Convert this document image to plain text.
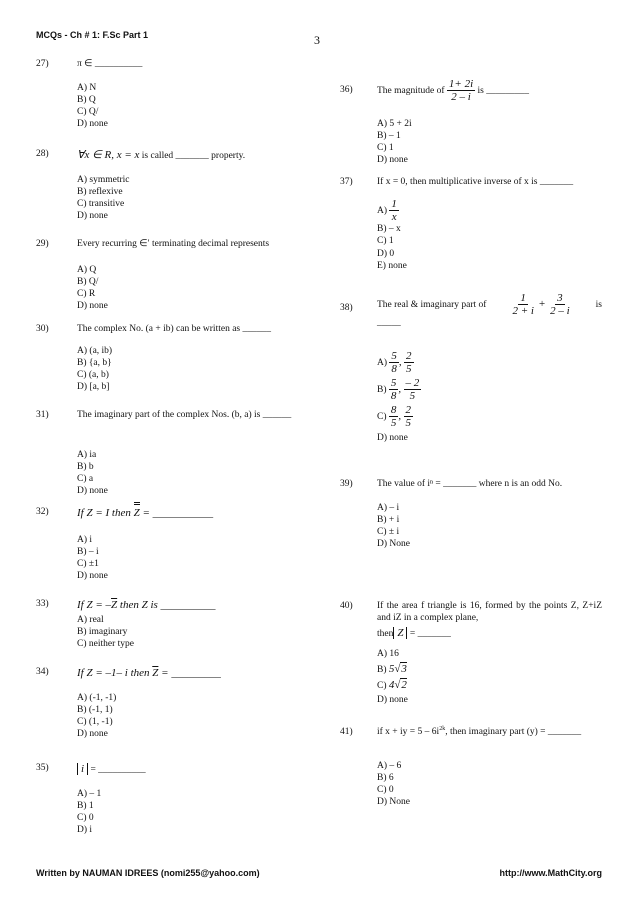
MCQs - Ch # 1: F.Sc Part 1	3
27)	π ∈ __________
A) N
B) Q
C) Q/
D) none
28)	∀x ∈ R, x = x is called _______ property.
A) symmetric
B) reflexive
C) transitive
D) none
29)	Every recurring ∈′ terminating decimal represents
A) Q
B) Q/
C) R
D) none
30)	The complex No. (a + ib) can be written as ______
A) (a, ib)
B) {a, b}
C) (a, b)
D) [a, b]
31)	The imaginary part of the complex Nos. (b, a) is ______
A) ia
B) b
C) a
D) none
32)	If Z = I then Z = ___________
A) i
B) – i
C) ±1
D) none
33)	If $Z = -\overline{Z}$ then Z is __________
A) real
B) imaginary
C) neither type
34)	If Z = –1– i then $\overline{Z}$ = _________
A) (-1, -1)
B) (-1, 1)
C) (1, -1)
D) none
35)	i = __________
A) – 1
B) 1
C) 0
D) i
36)	The magnitude of $\frac{1+ 2i}{2 - i}$ is _________
A) 5 + 2i
B) – 1
C) 1
D) none
37)	If x = 0, then multiplicative inverse of x is _______
$A) \frac{1}{x}$
B) – x
C) 1
D) 0
E) none
38)	The real & imaginary part of $\frac{1}{2 + i} + \frac{3}{2 - i}$	is
_____
$A) \frac{5}{8}$ , $\frac{2}{5}$
$B) \frac{5}{8}$ , $\frac{- 2}{5}$
$C) \frac{8}{5}$ , $\frac{2}{5}$
D) none
39)	The value of iⁿ = _______ where n is an odd No.
A) – i
B) + i
C) ± i
D) None
40)	If the area f triangle is 16, formed by the points Z, Z+iZ and iZ in a complex plane,
then Z = _______
A) 16
B) 5√3
C) 4√2
D) none
41)	if x + iy = $5 - 6i^{2k}$, then imaginary part (y) = _______
A) – 6
B) 6
C) 0
D) None
Written by NAUMAN IDREES (nomi255@yahoo.com)	http://www.MathCity.org
